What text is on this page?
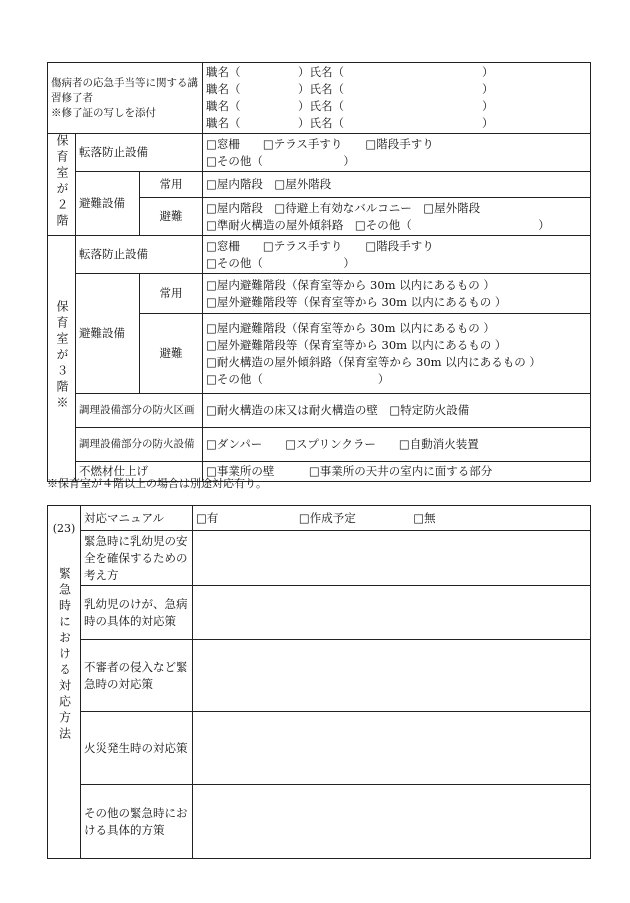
傷病者の応急手当等に関する講習修了者
※修了証の写しを添付			職名（　　　　　）氏名（　　　　　　　　　　　　）
職名（　　　　　）氏名（　　　　　　　　　　　　）
職名（　　　　　）氏名（　　　　　　　　　　　　）
職名（　　　　　）氏名（　　　　　　　　　　　　）

保育室が２階	転落防止設備		□窓柵　　□テラス手すり　　□階段手すり
□その他（　　　　　　　）

	避難設備	常用	□屋内階段　□屋外階段

		避難	□屋内階段　□待避上有効なバルコニー　□屋外階段
□準耐火構造の屋外傾斜路　□その他（　　　　　　　　　　　）

保育室が３階※	転落防止設備		□窓柵　　□テラス手すり　　□階段手すり
□その他（　　　　　　　）

	避難設備	常用	□屋内避難階段（保育室等から 30m 以内にあるもの ）
□屋外避難階段等（保育室等から 30m 以内にあるもの ）

		避難	□屋内避難階段（保育室等から 30m 以内にあるもの ）
□屋外避難階段等（保育室等から 30m 以内にあるもの ）
□耐火構造の屋外傾斜路（保育室等から 30m 以内にあるもの ）
□その他（　　　　　　　　　　）

	調理設備部分の防火区画		□耐火構造の床又は耐火構造の壁　□特定防火設備
	調理設備部分の防火設備		□ダンパー　　□スプリンクラー　　□自動消火装置
	不燃材仕上げ		□事業所の壁　　　□事業所の天井の室内に面する部分
※保育室が４階以上の場合は別途対応有り。
(23)
緊急時における対応方法	対応マニュアル	□有　　　　　　　□作成予定　　　　　□無
	緊急時に乳幼児の安全を確保するための考え方	
	乳幼児のけが、急病時の具体的対応策	
	不審者の侵入など緊急時の対応策	
	火災発生時の対応策	
	その他の緊急時における具体的方策	
